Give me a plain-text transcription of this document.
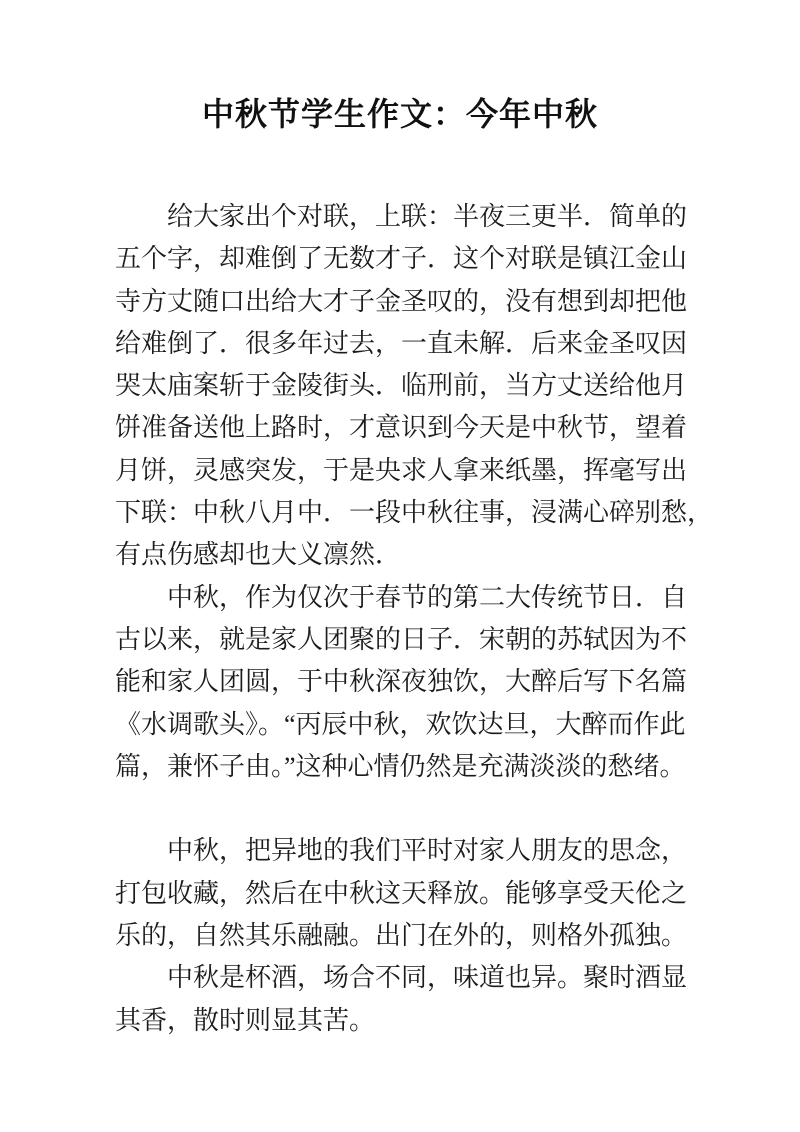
中秋节学生作文：今年中秋
给大家出个对联，上联：半夜三更半．简单的
五个字，却难倒了无数才子．这个对联是镇江金山
寺方丈随口出给大才子金圣叹的，没有想到却把他
给难倒了．很多年过去，一直未解．后来金圣叹因
哭太庙案斩于金陵街头．临刑前，当方丈送给他月
饼准备送他上路时，才意识到今天是中秋节，望着
月饼，灵感突发，于是央求人拿来纸墨，挥毫写出
下联：中秋八月中．一段中秋往事，浸满心碎别愁，
有点伤感却也大义凛然．
中秋，作为仅次于春节的第二大传统节日．自
古以来，就是家人团聚的日子．宋朝的苏轼因为不
能和家人团圆，于中秋深夜独饮，大醉后写下名篇
《水调歌头》。“丙辰中秋，欢饮达旦，大醉而作此
篇，兼怀子由。”这种心情仍然是充满淡淡的愁绪。
中秋，把异地的我们平时对家人朋友的思念，
打包收藏，然后在中秋这天释放。能够享受天伦之
乐的，自然其乐融融。出门在外的，则格外孤独。
中秋是杯酒，场合不同，味道也异。聚时酒显
其香，散时则显其苦。
